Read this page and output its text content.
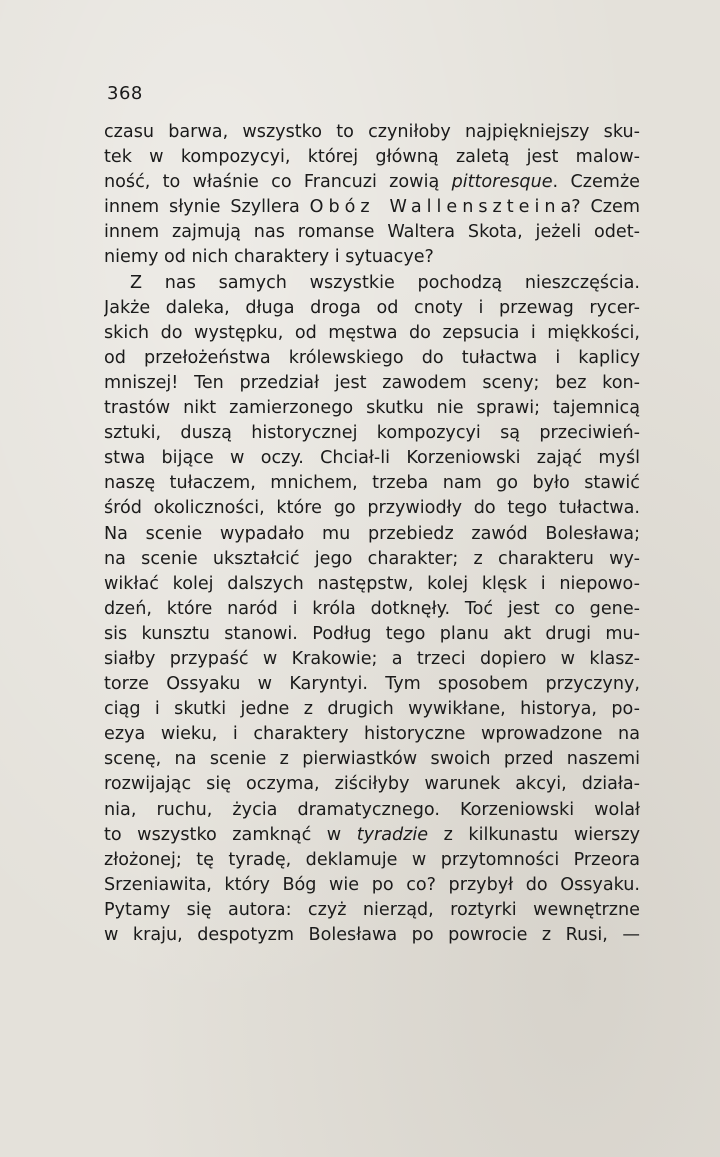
368
czasu barwa, wszystko to czyniłoby najpiękniejszy sku-
tek w kompozycyi, której główną zaletą jest malow-
ność, to właśnie co Francuzi zowią pittoresque. Czemże
innem słynie Szyllera Obóz Wallenszteina? Czem
innem zajmują nas romanse Waltera Skota, jeżeli odet-
niemy od nich charaktery i sytuacye?
Z nas samych wszystkie pochodzą nieszczęścia.
Jakże daleka, długa droga od cnoty i przewag rycer-
skich do występku, od męstwa do zepsucia i miękkości,
od przełożeństwa królewskiego do tułactwa i kaplicy
mniszej! Ten przedział jest zawodem sceny; bez kon-
trastów nikt zamierzonego skutku nie sprawi; tajemnicą
sztuki, duszą historycznej kompozycyi są przeciwień-
stwa bijące w oczy. Chciał-li Korzeniowski zająć myśl
naszę tułaczem, mnichem, trzeba nam go było stawić
śród okoliczności, które go przywiodły do tego tułactwa.
Na scenie wypadało mu przebiedz zawód Bolesława;
na scenie ukształcić jego charakter; z charakteru wy-
wikłać kolej dalszych następstw, kolej klęsk i niepowo-
dzeń, które naród i króla dotknęły. Toć jest co gene-
sis kunsztu stanowi. Podług tego planu akt drugi mu-
siałby przypaść w Krakowie; a trzeci dopiero w klasz-
torze Ossyaku w Karyntyi. Tym sposobem przyczyny,
ciąg i skutki jedne z drugich wywikłane, historya, po-
ezya wieku, i charaktery historyczne wprowadzone na
scenę, na scenie z pierwiastków swoich przed naszemi
rozwijając się oczyma, ziściłyby warunek akcyi, działa-
nia, ruchu, życia dramatycznego. Korzeniowski wolał
to wszystko zamknąć w tyradzie z kilkunastu wierszy
złożonej; tę tyradę, deklamuje w przytomności Przeora
Srzeniawita, który Bóg wie po co? przybył do Ossyaku.
Pytamy się autora: czyż nierząd, roztyrki wewnętrzne
w kraju, despotyzm Bolesława po powrocie z Rusi, —
